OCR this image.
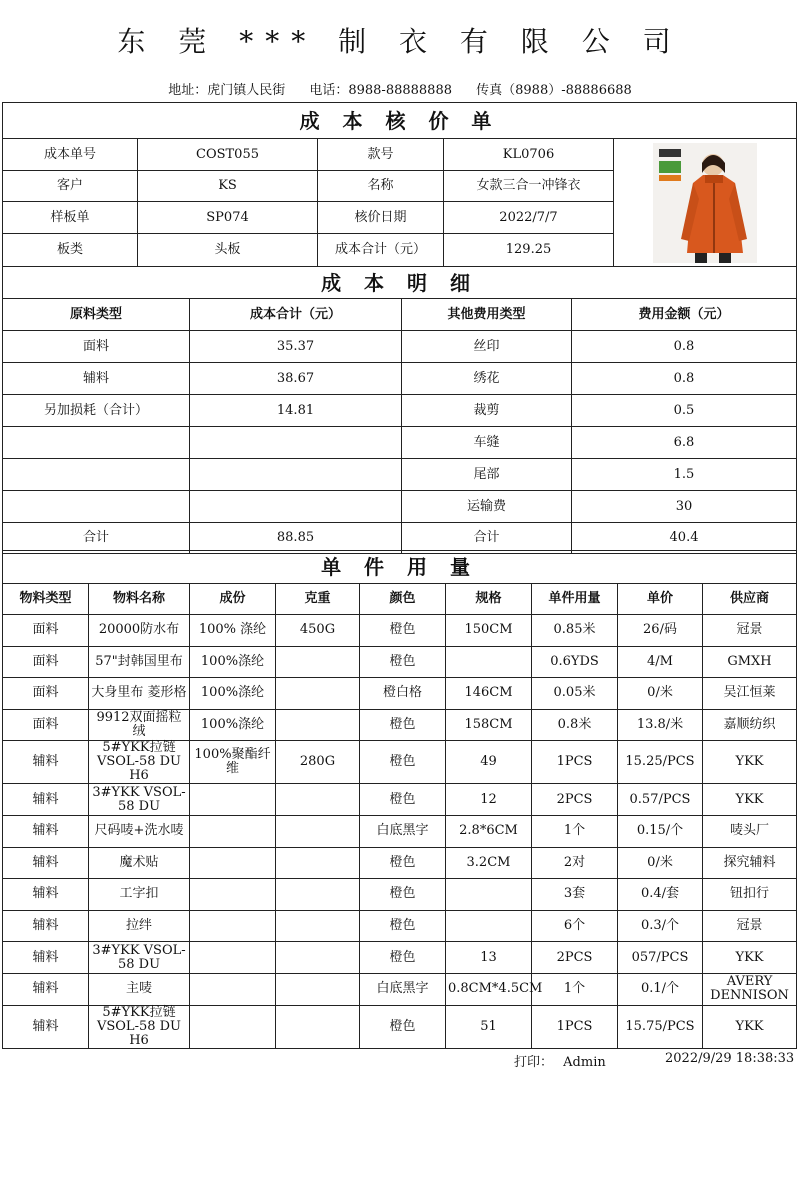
东 莞 *** 制 衣 有 限 公 司
地址：虎门镇人民街 电话：8988-88888888 传真（8988）-88886688
成 本 核 价 单				
成本单号	COST055	款号	KL0706	

客户	KS	名称	女款三合一冲锋衣	
样板单	SP074	核价日期	2022/7/7	
板类	头板	成本合计（元）	129.25	
成 本 明 细			
原料类型	成本合计（元）	其他费用类型	费用金额（元）
面料	35.37	丝印	0.8
辅料	38.67	绣花	0.8
另加损耗（合计）	14.81	裁剪	0.5
		车缝	6.8
		尾部	1.5
		运输费	30
合计	88.85	合计	40.4
单 件 用 量								
物料类型	物料名称	成份	克重	颜色	规格	单件用量	单价	供应商
面料	20000防水布	100% 涤纶	450G	橙色	150CM	0.85米	26/码	冠景
面料	57"封韩国里布	100%涤纶		橙色		0.6YDS	4/M	GMXH
面料	大身里布 菱形格	100%涤纶		橙白格	146CM	0.05米	0/米	吴江恒莱
面料	9912双面摇粒绒	100%涤纶		橙色	158CM	0.8米	13.8/米	嘉顺纺织
辅料	5#YKK拉链 VSOL-58 DU H6	100%聚酯纤维	280G	橙色	49	1PCS	15.25/PCS	YKK
辅料	3#YKK VSOL-58 DU			橙色	12	2PCS	0.57/PCS	YKK
辅料	尺码唛+洗水唛			白底黑字	2.8*6CM	1个	0.15/个	唛头厂
辅料	魔术贴			橙色	3.2CM	2对	0/米	探究辅料
辅料	工字扣			橙色		3套	0.4/套	钮扣行
辅料	拉绊			橙色		6个	0.3/个	冠景
辅料	3#YKK VSOL-58 DU			橙色	13	2PCS	057/PCS	YKK
辅料	主唛			白底黑字	0.8CM*4.5CM	1个	0.1/个	AVERY DENNISON
辅料	5#YKK拉链 VSOL-58 DU H6			橙色	51	1PCS	15.75/PCS	YKK
打印： Admin	2022/9/29 18:38:33
